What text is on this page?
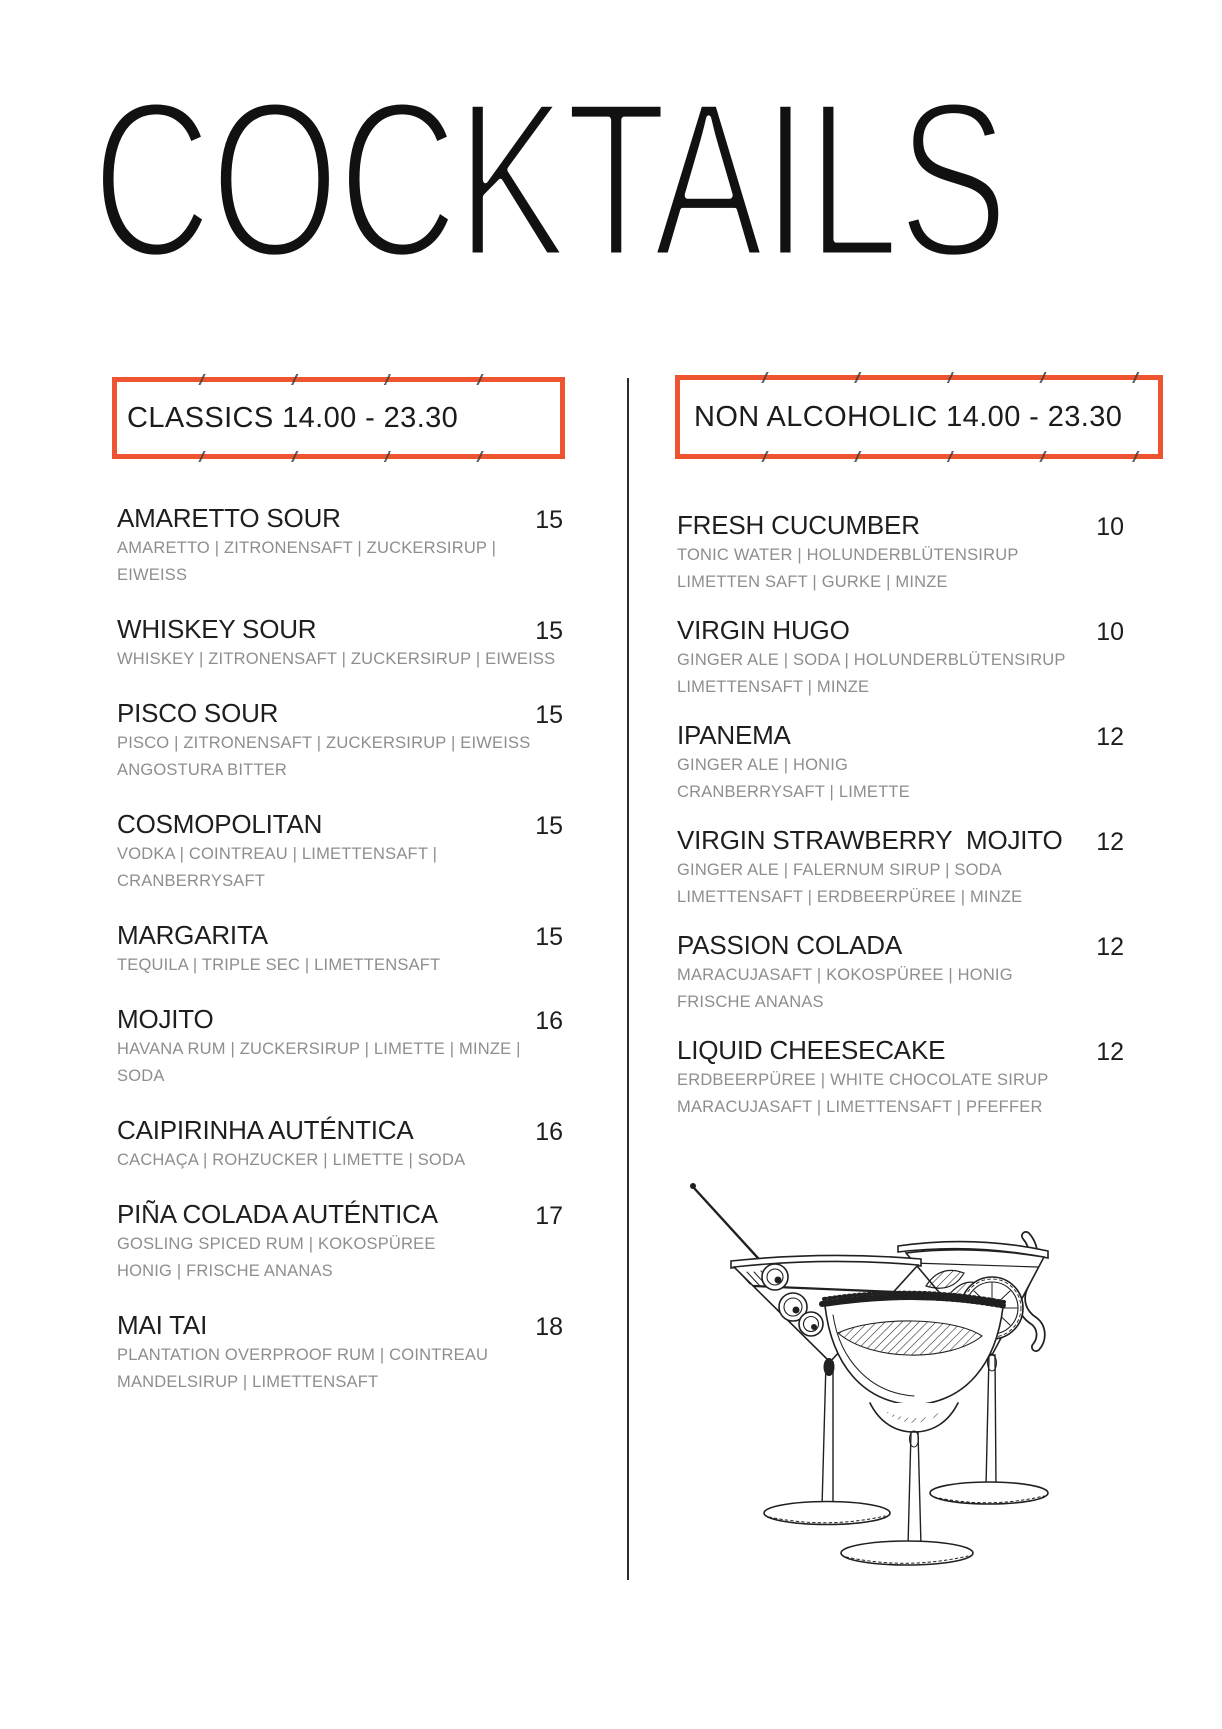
COCKTAILS
CLASSICS 14.00 - 23.30	NON ALCOHOLIC 14.00 - 23.30
AMARETTO SOUR	15
AMARETTO | ZITRONENSAFT | ZUCKERSIRUP | EIWEISS
WHISKEY SOUR	15
WHISKEY | ZITRONENSAFT | ZUCKERSIRUP | EIWEISS
PISCO SOUR	15
PISCO | ZITRONENSAFT | ZUCKERSIRUP | EIWEISS
ANGOSTURA BITTER
COSMOPOLITAN	15
VODKA | COINTREAU | LIMETTENSAFT | CRANBERRYSAFT
MARGARITA	15
TEQUILA | TRIPLE SEC | LIMETTENSAFT
MOJITO	16
HAVANA RUM | ZUCKERSIRUP | LIMETTE | MINZE | SODA
CAIPIRINHA AUTÉNTICA	16
CACHAÇA | ROHZUCKER | LIMETTE | SODA
PIÑA COLADA AUTÉNTICA	17
GOSLING SPICED RUM | KOKOSPÜREE
HONIG | FRISCHE ANANAS
MAI TAI	18
PLANTATION OVERPROOF RUM | COINTREAU
MANDELSIRUP | LIMETTENSAFT
FRESH CUCUMBER	10
TONIC WATER | HOLUNDERBLÜTENSIRUP
LIMETTEN SAFT | GURKE | MINZE
VIRGIN HUGO	10
GINGER ALE | SODA | HOLUNDERBLÜTENSIRUP
LIMETTENSAFT | MINZE
IPANEMA	12
GINGER ALE | HONIG
CRANBERRYSAFT | LIMETTE
VIRGIN STRAWBERRY  MOJITO 12
GINGER ALE | FALERNUM SIRUP | SODA
LIMETTENSAFT | ERDBEERPÜREE | MINZE
PASSION COLADA	12
MARACUJASAFT | KOKOSPÜREE | HONIG
FRISCHE ANANAS
LIQUID CHEESECAKE	12
ERDBEERPÜREE | WHITE CHOCOLATE SIRUP
MARACUJASAFT | LIMETTENSAFT | PFEFFER
